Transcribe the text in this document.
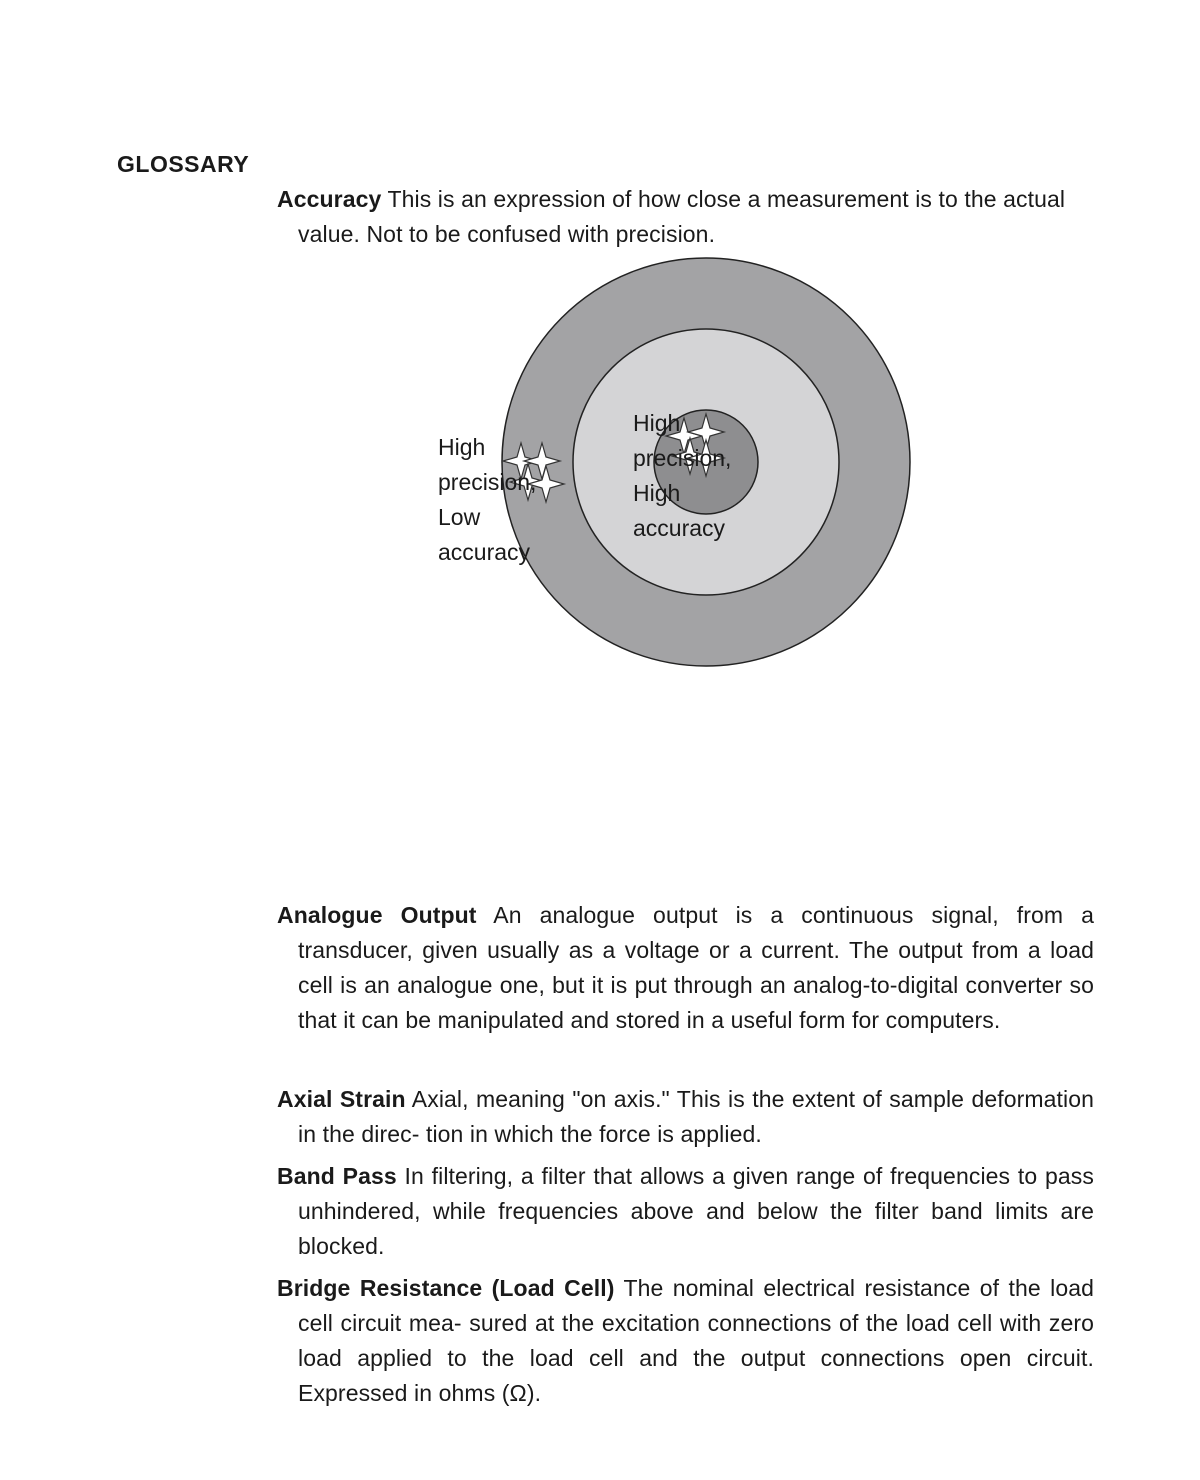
GLOSSARY
Accuracy This is an expression of how close a measurement is to the actual value. Not to be confused with precision.
High precision, Low accuracy
High precision, High accuracy
Analogue Output An analogue output is a continuous signal, from a transducer, given usually as a voltage or a current. The output from a load cell is an analogue one, but it is put through an analog-to-digital converter so that it can be manipulated and stored in a useful form for computers.
Axial Strain Axial, meaning "on axis." This is the extent of sample deformation in the direc- tion in which the force is applied.
Band Pass In filtering, a filter that allows a given range of frequencies to pass unhindered, while frequencies above and below the filter band limits are blocked.
Bridge Resistance (Load Cell) The nominal electrical resistance of the load cell circuit mea- sured at the excitation connections of the load cell with zero load applied to the load cell and the output connections open circuit. Expressed in ohms (Ω).
